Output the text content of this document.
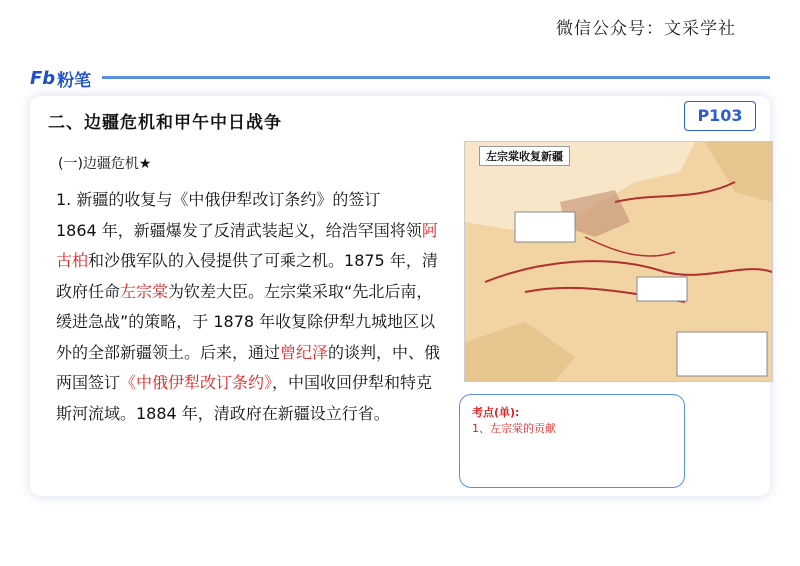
微信公众号：文采学社
Fb 粉笔
二、边疆危机和甲午中日战争	P103
(一)边疆危机★

1. 新疆的收复与《中俄伊犁改订条约》的签订
1864 年，新疆爆发了反清武装起义，给浩罕国将领阿古柏和沙俄军队的入侵提供了可乘之机。1875 年，清政府任命左宗棠为钦差大臣。左宗棠采取“先北后南，缓进急战”的策略，于 1878 年收复除伊犁九城地区以外的全部新疆领土。后来，通过曾纪泽的谈判，中、俄两国签订《中俄伊犁改订条约》，中国收回伊犁和特克斯河流域。1884 年，清政府在新疆设立行省。

左宗棠收复新疆
考点(单):
1、左宗棠的贡献
